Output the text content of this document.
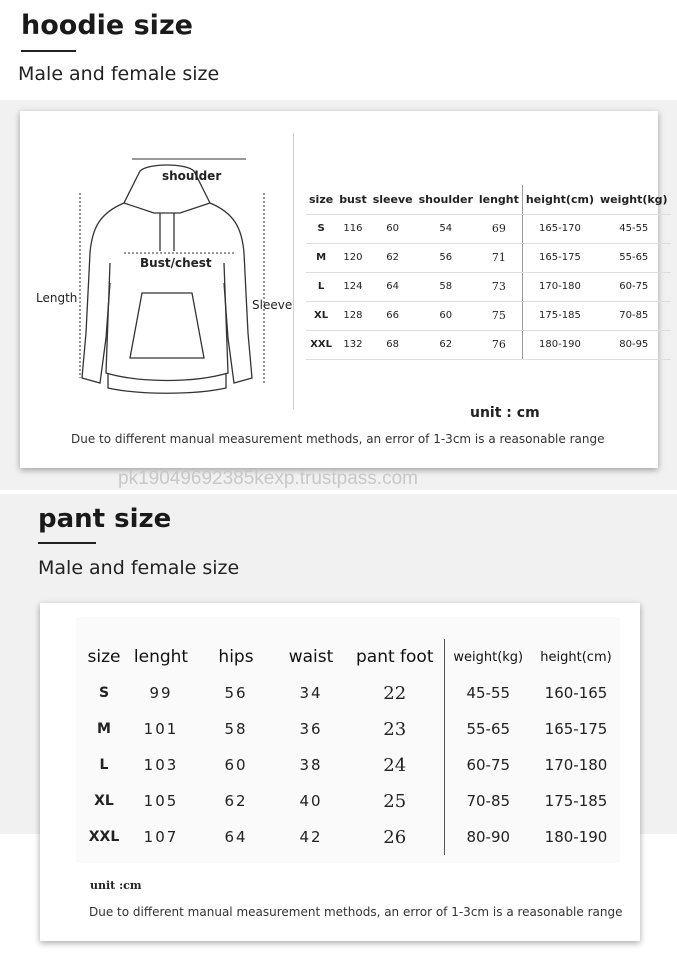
hoodie size
Male and female size
shoulder
Bust/chest
Length	Sleeve
size	bust	sleeve	shoulder	lenght	height(cm)	weight(kg)
S	116	60	54	69	165-170	45-55
M	120	62	56	71	165-175	55-65
L	124	64	58	73	170-180	60-75
XL	128	66	60	75	175-185	70-85
XXL	132	68	62	76	180-190	80-95
unit : cm
Due to different manual measurement methods, an error of 1-3cm is a reasonable range
pk19049692385kexp.trustpass.com
pant size
Male and female size
size	lenght	hips	waist	pant foot	weight(kg)	height(cm)
S	99	56	34	22	45-55	160-165
M	101	58	36	23	55-65	165-175
L	103	60	38	24	60-75	170-180
XL	105	62	40	25	70-85	175-185
XXL	107	64	42	26	80-90	180-190
unit :cm
Due to different manual measurement methods, an error of 1-3cm is a reasonable range
